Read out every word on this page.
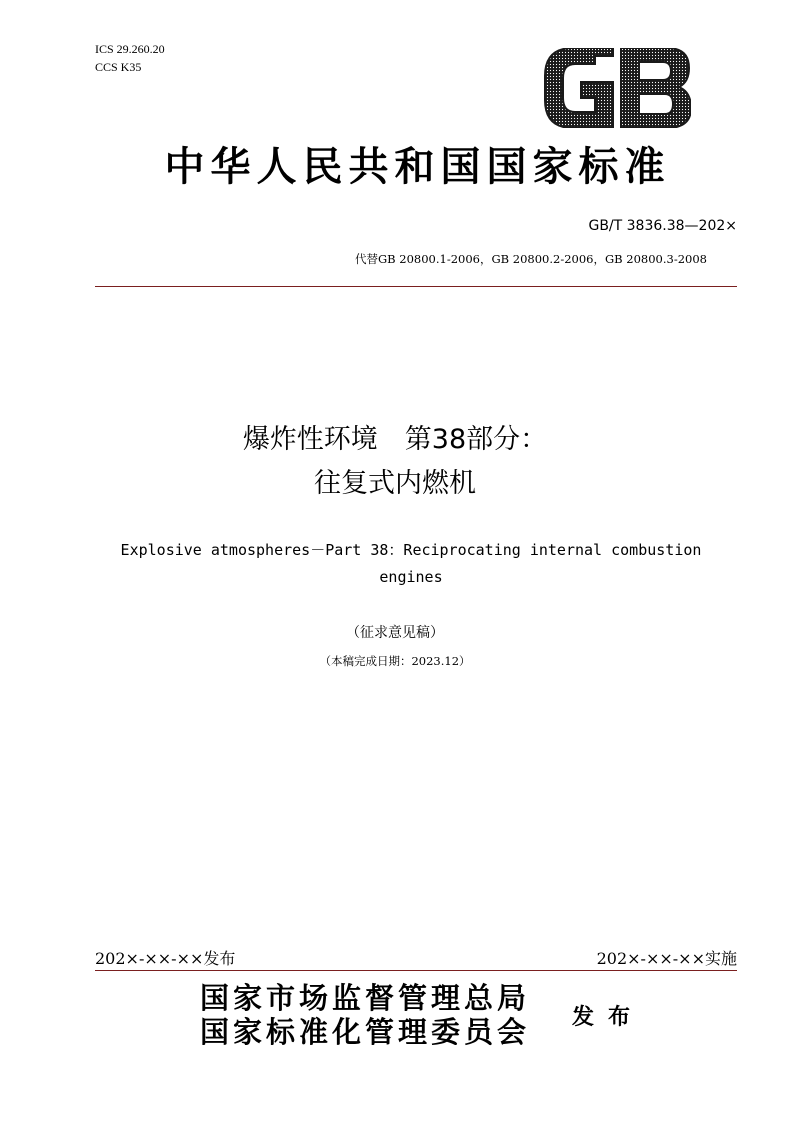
ICS 29.260.20
CCS K35
中华人民共和国国家标准
GB/T 3836.38—202×
代替GB 20800.1-2006，GB 20800.2-2006，GB 20800.3-2008
爆炸性环境　第38部分：
往复式内燃机
Explosive atmospheres－Part 38：Reciprocating internal combustion engines
（征求意见稿）
（本稿完成日期：2023.12）
202×-××-××发布	202×-××-××实施
国家市场监督管理总局
国家标准化管理委员会 发布
